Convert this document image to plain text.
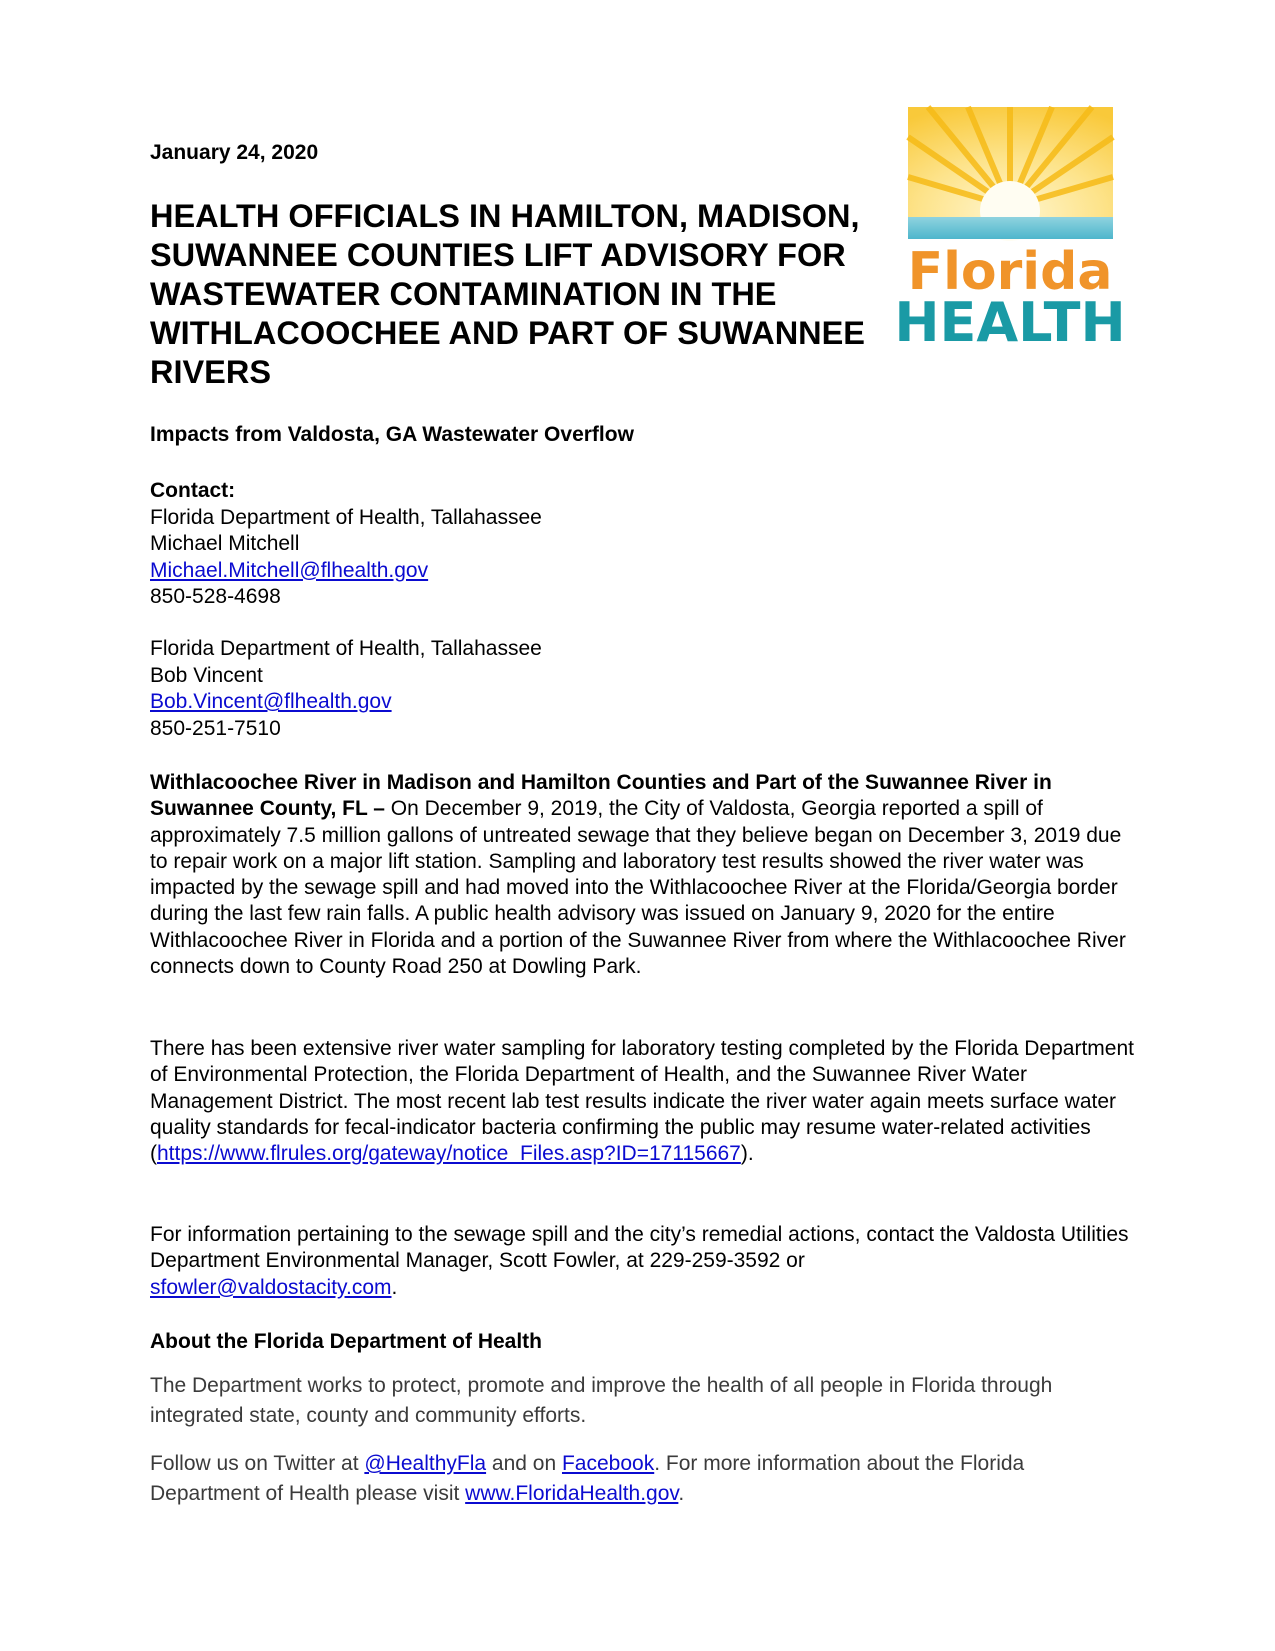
January 24, 2020
HEALTH OFFICIALS IN HAMILTON, MADISON, SUWANNEE COUNTIES LIFT ADVISORY FOR WASTEWATER CONTAMINATION IN THE WITHLACOOCHEE AND PART OF SUWANNEE RIVERS
Florida
HEALTH
Impacts from Valdosta, GA Wastewater Overflow
Contact:
Florida Department of Health, Tallahassee
Michael Mitchell
Michael.Mitchell@flhealth.gov
850-528-4698
Florida Department of Health, Tallahassee
Bob Vincent
Bob.Vincent@flhealth.gov
850-251-7510

Withlacoochee River in Madison and Hamilton Counties and Part of the Suwannee River in Suwannee County, FL – On December 9, 2019, the City of Valdosta, Georgia reported a spill of approximately 7.5 million gallons of untreated sewage that they believe began on December 3, 2019 due to repair work on a major lift station. Sampling and laboratory test results showed the river water was impacted by the sewage spill and had moved into the Withlacoochee River at the Florida/Georgia border during the last few rain falls. A public health advisory was issued on January 9, 2020 for the entire Withlacoochee River in Florida and a portion of the Suwannee River from where the Withlacoochee River connects down to County Road 250 at Dowling Park.

There has been extensive river water sampling for laboratory testing completed by the Florida Department of Environmental Protection, the Florida Department of Health, and the Suwannee River Water Management District. The most recent lab test results indicate the river water again meets surface water quality standards for fecal-indicator bacteria confirming the public may resume water-related activities
(https://www.flrules.org/gateway/notice_Files.asp?ID=17115667).

For information pertaining to the sewage spill and the city’s remedial actions, contact the Valdosta Utilities Department Environmental Manager, Scott Fowler, at 229-259-3592 or
sfowler@valdostacity.com.

About the Florida Department of Health

The Department works to protect, promote and improve the health of all people in Florida through integrated state, county and community efforts.

Follow us on Twitter at @HealthyFla and on Facebook. For more information about the Florida Department of Health please visit www.FloridaHealth.gov.
